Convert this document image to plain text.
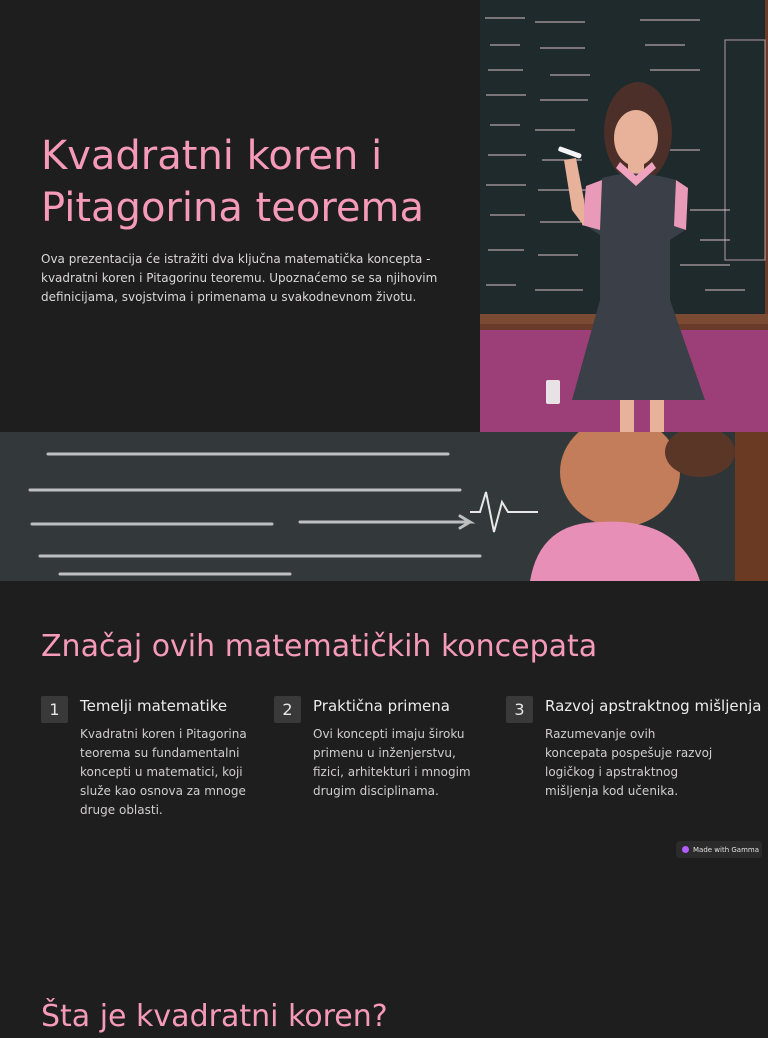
Kvadratni koren i Pitagorina teorema

Ova prezentacija će istražiti dva ključna matematička koncepta - kvadratni koren i Pitagorinu teoremu. Upoznaćemo se sa njihovim definicijama, svojstvima i primenama u svakodnevnom životu.

Značaj ovih matematičkih koncepata
1	Temelji matematike

Kvadratni koren i Pitagorina teorema su fundamentalni koncepti u matematici, koji služe kao osnova za mnoge druge oblasti.

2	Praktična primena

Ovi koncepti imaju široku primenu u inženjerstvu, fizici, arhitekturi i mnogim drugim disciplinama.

3	Razvoj apstraktnog mišljenja

Razumevanje ovih koncepata pospešuje razvoj logičkog i apstraktnog mišljenja kod učenika.

Made with Gamma
Šta je kvadratni koren?
